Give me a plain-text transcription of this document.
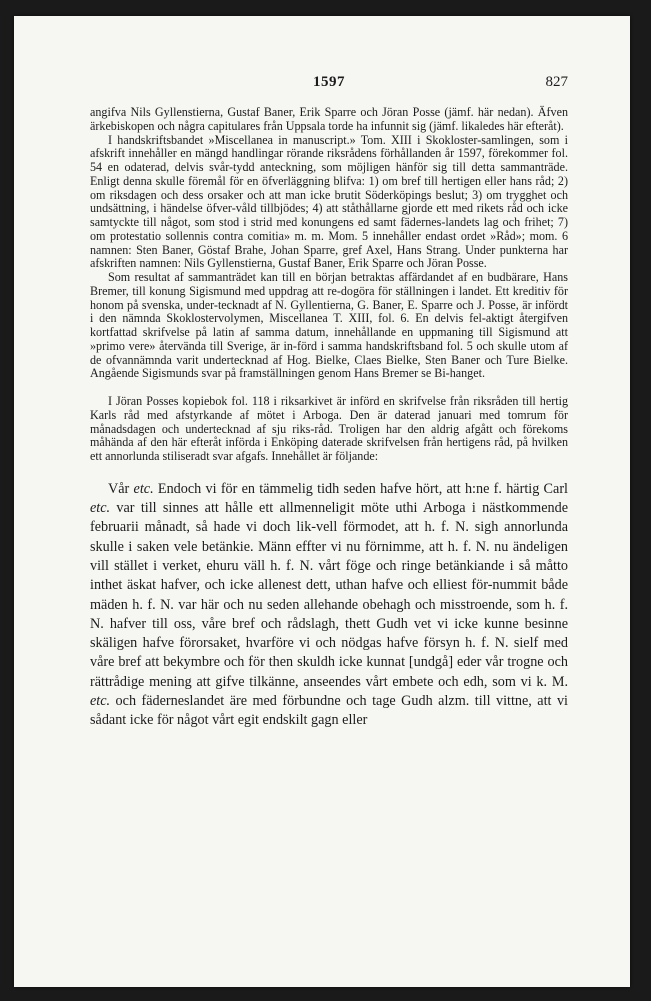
1597	827

angifva Nils Gyllenstierna, Gustaf Baner, Erik Sparre och Jöran Posse (jämf. här nedan). Äfven ärkebiskopen och några capitulares från Uppsala torde ha infunnit sig (jämf. likaledes här efteråt).

I handskriftsbandet »Miscellanea in manuscript.» Tom. XIII i Skokloster-samlingen, som i afskrift innehåller en mängd handlingar rörande riksrådens förhållanden år 1597, förekommer fol. 54 en odaterad, delvis svår-tydd anteckning, som möjligen hänför sig till detta sammanträde. Enligt denna skulle föremål för en öfverläggning blifva: 1) om bref till hertigen eller hans råd; 2) om riksdagen och dess orsaker och att man icke brutit Söderköpings beslut; 3) om trygghet och undsättning, i händelse öfver-våld tillbjödes; 4) att ståthållarne gjorde ett med rikets råd och icke samtyckte till något, som stod i strid med konungens ed samt fädernes-landets lag och frihet; 7) om protestatio sollennis contra comitia» m. m. Mom. 5 innehåller endast ordet »Råd»; mom. 6 namnen: Sten Baner, Göstaf Brahe, Johan Sparre, gref Axel, Hans Strang. Under punkterna har afskriften namnen: Nils Gyllenstierna, Gustaf Baner, Erik Sparre och Jöran Posse.

Som resultat af sammanträdet kan till en början betraktas affärdandet af en budbärare, Hans Bremer, till konung Sigismund med uppdrag att re-dogöra för ställningen i landet. Ett kreditiv för honom på svenska, under-tecknadt af N. Gyllentierna, G. Baner, E. Sparre och J. Posse, är infördt i den nämnda Skoklostervolymen, Miscellanea T. XIII, fol. 6. En delvis fel-aktigt återgifven kortfattad skrifvelse på latin af samma datum, innehållande en uppmaning till Sigismund att »primo vere» återvända till Sverige, är in-förd i samma handskriftsband fol. 5 och skulle utom af de ofvannämnda varit undertecknad af Hog. Bielke, Claes Bielke, Sten Baner och Ture Bielke. Angående Sigismunds svar på framställningen genom Hans Bremer se Bi-hanget.

I Jöran Posses kopiebok fol. 118 i riksarkivet är införd en skrifvelse från riksråden till hertig Karls råd med afstyrkande af mötet i Arboga. Den är daterad januari med tomrum för månadsdagen och undertecknad af sju riks-råd. Troligen har den aldrig afgått och förekoms måhända af den här efteråt införda i Enköping daterade skrifvelsen från hertigens råd, på hvilken ett annorlunda stiliseradt svar afgafs. Innehållet är följande:

Vår etc. Endoch vi för en tämmelig tidh seden hafve hört, att h:ne f. härtig Carl etc. var till sinnes att hålle ett allmenneligit möte uthi Arboga i nästkommende februarii månadt, så hade vi doch lik-vell förmodet, att h. f. N. sigh annorlunda skulle i saken vele betänkie. Männ effter vi nu förnimme, att h. f. N. nu ändeligen vill stället i verket, ehuru väll h. f. N. vårt föge och ringe betänkiande i så måtto inthet äskat hafver, och icke allenest dett, uthan hafve och elliest för-nummit både mäden h. f. N. var här och nu seden allehande obehagh och misstroende, som h. f. N. hafver till oss, våre bref och rådslagh, thett Gudh vet vi icke kunne besinne skäligen hafve förorsaket, hvarföre vi och nödgas hafve försyn h. f. N. sielf med våre bref att bekymbre och för then skuldh icke kunnat [undgå] eder vår trogne och rättrådige mening att gifve tilkänne, anseendes vårt embete och edh, som vi k. M. etc. och fäderneslandet äre med förbundne och tage Gudh alzm. till vittne, att vi sådant icke för något vårt egit endskilt gagn eller
